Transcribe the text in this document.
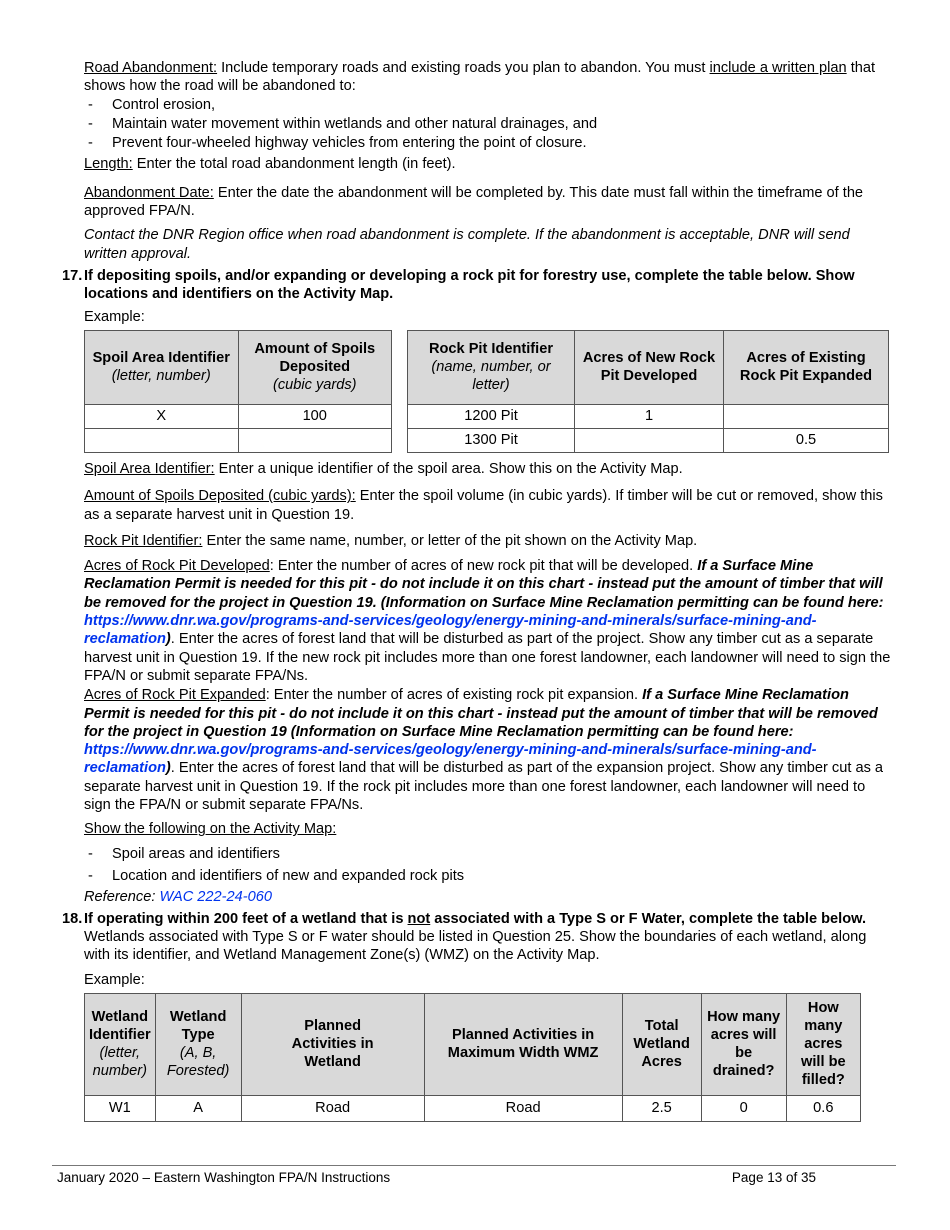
Road Abandonment: Include temporary roads and existing roads you plan to abandon. You must include a written plan that shows how the road will be abandoned to:
- Control erosion,
- Maintain water movement within wetlands and other natural drainages, and
- Prevent four-wheeled highway vehicles from entering the point of closure.
Length: Enter the total road abandonment length (in feet).
Abandonment Date: Enter the date the abandonment will be completed by. This date must fall within the timeframe of the approved FPA/N.
Contact the DNR Region office when road abandonment is complete. If the abandonment is acceptable, DNR will send written approval.
17. If depositing spoils, and/or expanding or developing a rock pit for forestry use, complete the table below. Show locations and identifiers on the Activity Map.
Example:
Spoil Area Identifier
(letter, number)	Amount of Spoils Deposited
(cubic yards)

X	100

Rock Pit Identifier
(name, number, or letter)	Acres of New Rock Pit Developed	Acres of Existing Rock Pit Expanded
1200 Pit	1	
1300 Pit		0.5
Spoil Area Identifier: Enter a unique identifier of the spoil area. Show this on the Activity Map.
Amount of Spoils Deposited (cubic yards): Enter the spoil volume (in cubic yards). If timber will be cut or removed, show this as a separate harvest unit in Question 19.
Rock Pit Identifier: Enter the same name, number, or letter of the pit shown on the Activity Map.
Acres of Rock Pit Developed: Enter the number of acres of new rock pit that will be developed. If a Surface Mine Reclamation Permit is needed for this pit - do not include it on this chart - instead put the amount of timber that will be removed for the project in Question 19. (Information on Surface Mine Reclamation permitting can be found here: https://www.dnr.wa.gov/programs-and-services/geology/energy-mining-and-minerals/surface-mining-and-reclamation). Enter the acres of forest land that will be disturbed as part of the project. Show any timber cut as a separate harvest unit in Question 19. If the new rock pit includes more than one forest landowner, each landowner will need to sign the FPA/N or submit separate FPA/Ns.
Acres of Rock Pit Expanded: Enter the number of acres of existing rock pit expansion. If a Surface Mine Reclamation Permit is needed for this pit - do not include it on this chart - instead put the amount of timber that will be removed for the project in Question 19 (Information on Surface Mine Reclamation permitting can be found here: https://www.dnr.wa.gov/programs-and-services/geology/energy-mining-and-minerals/surface-mining-and-reclamation). Enter the acres of forest land that will be disturbed as part of the expansion project. Show any timber cut as a separate harvest unit in Question 19. If the rock pit includes more than one forest landowner, each landowner will need to sign the FPA/N or submit separate FPA/Ns.
Show the following on the Activity Map:
- Spoil areas and identifiers
- Location and identifiers of new and expanded rock pits
Reference: WAC 222-24-060
18. If operating within 200 feet of a wetland that is not associated with a Type S or F Water, complete the table below. Wetlands associated with Type S or F water should be listed in Question 25. Show the boundaries of each wetland, along with its identifier, and Wetland Management Zone(s) (WMZ) on the Activity Map.
Example:
Wetland Identifier
(letter, number)	Wetland Type
(A, B, Forested)	Planned Activities in Wetland	Planned Activities in Maximum Width WMZ	Total Wetland Acres	How many acres will be drained?	How many acres will be filled?
W1	A	Road	Road	2.5	0	0.6
January 2020 – Eastern Washington FPA/N Instructions	Page 13 of 35
